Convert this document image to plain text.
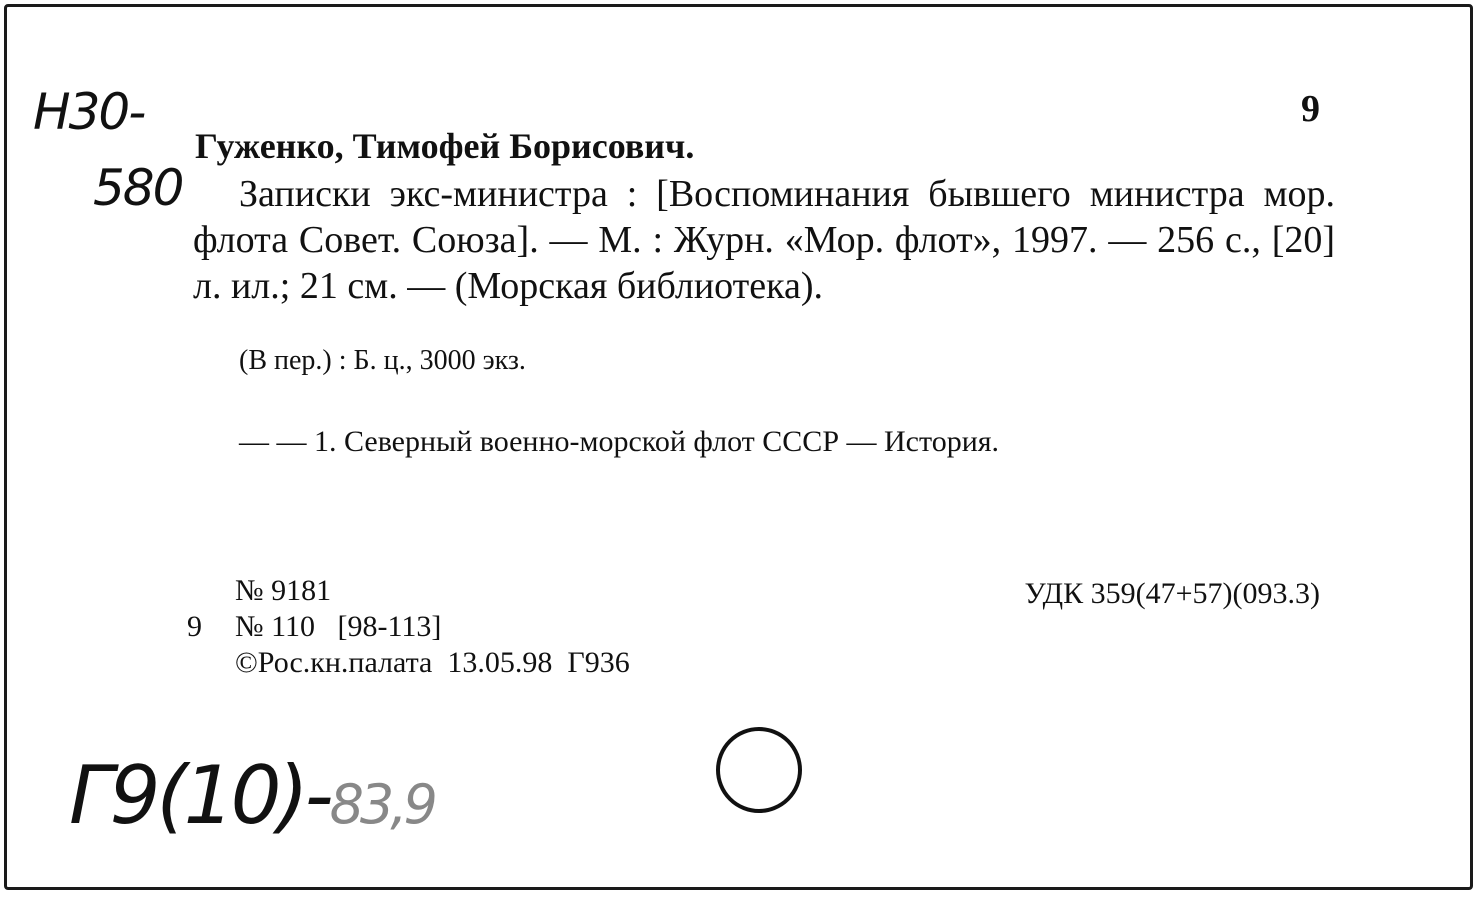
Н30-
580
9
Гуженко, Тимофей Борисович.

Записки экс-министра : [Воспоминания бывшего министра мор. флота Совет. Союза]. — М. : Журн. «Мор. флот», 1997. — 256 с., [20] л. ил.; 21 см. — (Морская библиотека).

(В пер.) : Б. ц., 3000 экз.
— — 1. Северный военно-морской флот СССР — История.
№ 9181
9 № 110   [98-113]
©Рос.кн.палата  13.05.98  Г936
УДК 359(47+57)(093.3)
Г9(10)-83,9
